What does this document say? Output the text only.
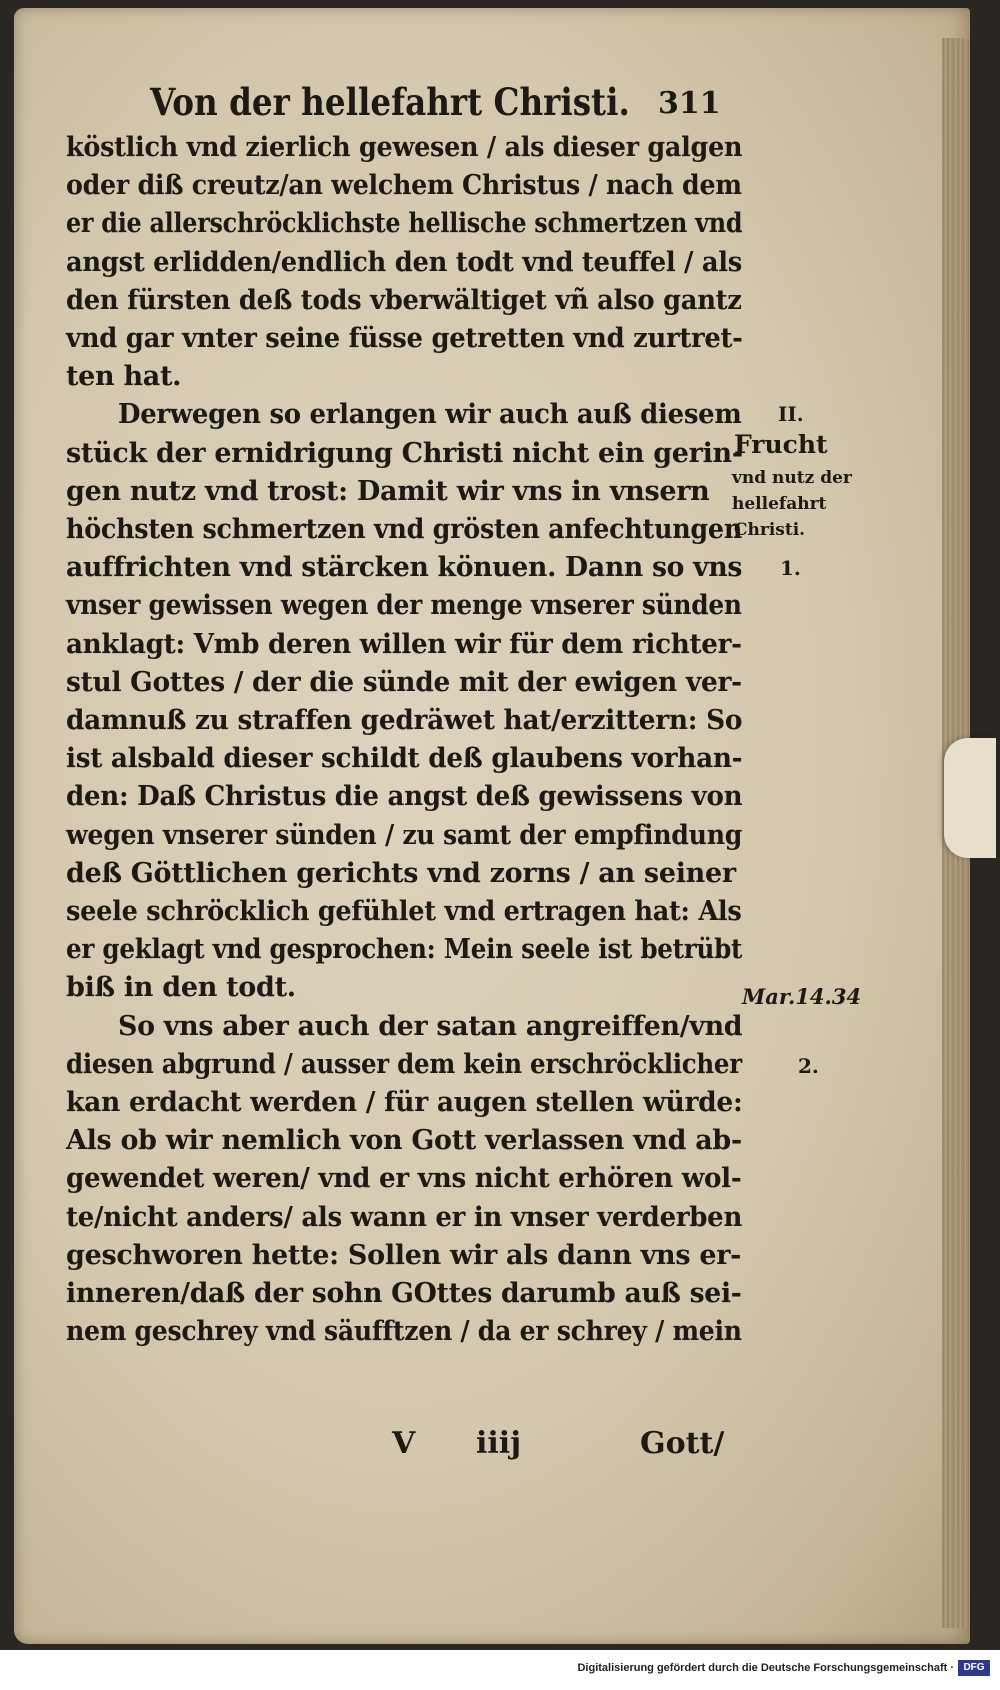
Von der hellefahrt Christi. 311
köstlich vnd zierlich gewesen / als dieser galgen
oder diß creutz/an welchem Christus / nach dem
er die allerschröcklichste hellische schmertzen vnd
angst erlidden/endlich den todt vnd teuffel / als
den fürsten deß tods vberwältiget vñ also gantz
vnd gar vnter seine füsse getretten vnd zurtret-
ten hat.
Derwegen so erlangen wir auch auß diesem
stück der ernidrigung Christi nicht ein gerin-
gen nutz vnd trost: Damit wir vns in vnsern
höchsten schmertzen vnd grösten anfechtungen
auffrichten vnd stärcken könuen. Dann so vns
vnser gewissen wegen der menge vnserer sünden
anklagt: Vmb deren willen wir für dem richter-
stul Gottes / der die sünde mit der ewigen ver-
damnuß zu straffen gedräwet hat/erzittern: So
ist alsbald dieser schildt deß glaubens vorhan-
den: Daß Christus die angst deß gewissens von
wegen vnserer sünden / zu samt der empfindung
deß Göttlichen gerichts vnd zorns / an seiner
seele schröcklich gefühlet vnd ertragen hat: Als
er geklagt vnd gesprochen: Mein seele ist betrübt
biß in den todt.
So vns aber auch der satan angreiffen/vnd
diesen abgrund / ausser dem kein erschröcklicher
kan erdacht werden / für augen stellen würde:
Als ob wir nemlich von Gott verlassen vnd ab-
gewendet weren/ vnd er vns nicht erhören wol-
te/nicht anders/ als wann er in vnser verderben
geschworen hette: Sollen wir als dann vns er-
inneren/daß der sohn GOttes darumb auß sei-
nem geschrey vnd säufftzen / da er schrey / mein
II.
Frucht
vnd nutz der
hellefahrt
Christi.
1.
Mar.14.34
2.
V iiij	Gott/
Digitalisierung gefördert durch die Deutsche Forschungsgemeinschaft · DFG
